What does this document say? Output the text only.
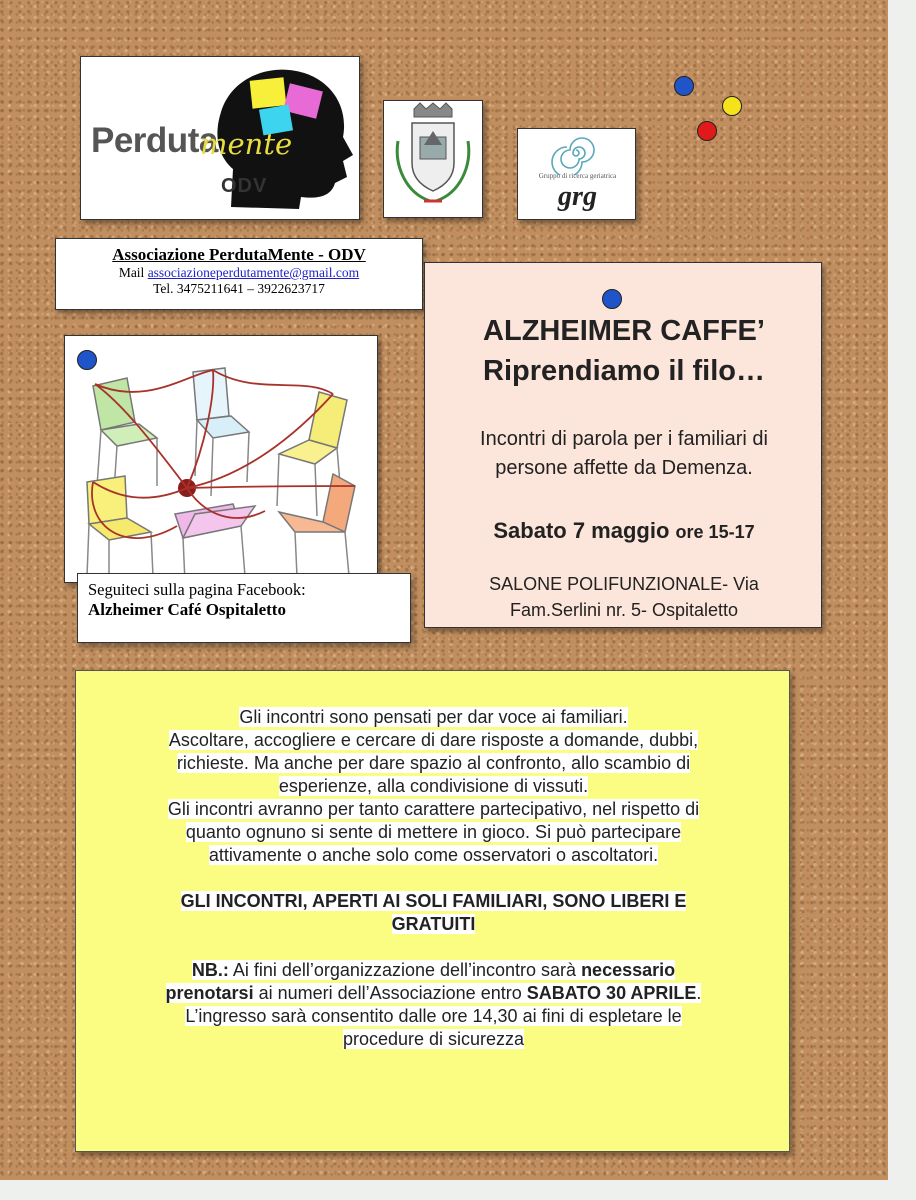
Perduta
mente
ODV	Gruppo di ricerca geriatrica
grg
Associazione PerdutaMente - ODV
Mail associazioneperdutamente@gmail.com
Tel. 3475211641 – 3922623717
ALZHEIMER CAFFE’
Riprendiamo il filo…
Incontri di parola per i familiari di
persone affette da Demenza.
Sabato 7 maggio ore 15-17
SALONE POLIFUNZIONALE- Via
Fam.Serlini nr. 5- Ospitaletto
Seguiteci sulla pagina Facebook:
Alzheimer Café Ospitaletto

Gli incontri sono pensati per dar voce ai familiari.

Ascoltare, accogliere e cercare di dare risposte a domande, dubbi,

richieste. Ma anche per dare spazio al confronto, allo scambio di

esperienze, alla condivisione di vissuti.

Gli incontri avranno per tanto carattere partecipativo, nel rispetto di

quanto ognuno si sente di mettere in gioco. Si può partecipare

attivamente o anche solo come osservatori o ascoltatori.

GLI INCONTRI, APERTI AI SOLI FAMILIARI, SONO LIBERI E

GRATUITI

NB.: Ai fini dell’organizzazione dell’incontro sarà necessario

prenotarsi ai numeri dell’Associazione entro SABATO 30 APRILE.

L’ingresso sarà consentito dalle ore 14,30 ai fini di espletare le

procedure di sicurezza
